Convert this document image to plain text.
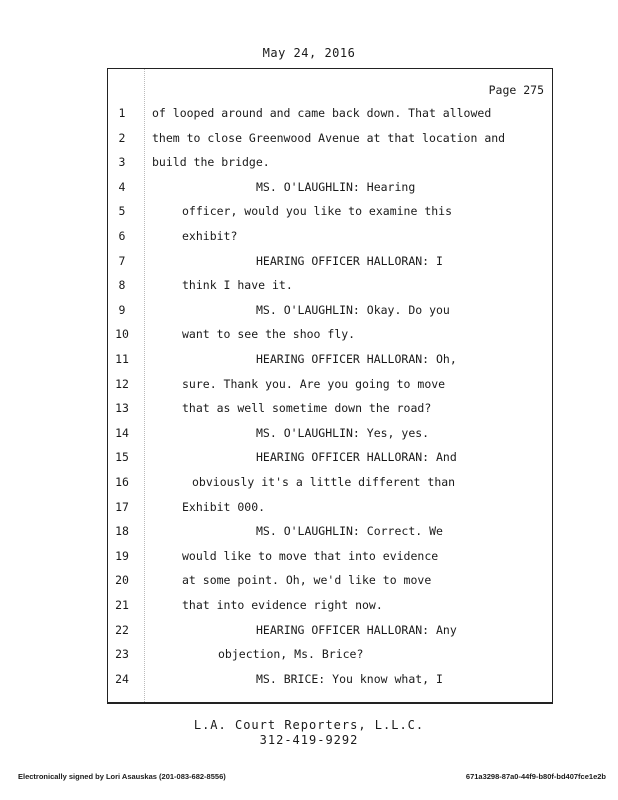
May 24, 2016
Page 275
1	of looped around and came back down. That allowed
2	them to close Greenwood Avenue at that location and
3	build the bridge.
4	MS. O'LAUGHLIN: Hearing
5	officer, would you like to examine this
6	exhibit?
7	HEARING OFFICER HALLORAN: I
8	think I have it.
9	MS. O'LAUGHLIN: Okay. Do you
10	want to see the shoo fly.
11	HEARING OFFICER HALLORAN: Oh,
12	sure. Thank you. Are you going to move
13	that as well sometime down the road?
14	MS. O'LAUGHLIN: Yes, yes.
15	HEARING OFFICER HALLORAN: And
16	obviously it's a little different than
17	Exhibit 000.
18	MS. O'LAUGHLIN: Correct. We
19	would like to move that into evidence
20	at some point. Oh, we'd like to move
21	that into evidence right now.
22	HEARING OFFICER HALLORAN: Any
23	objection, Ms. Brice?
24	MS. BRICE: You know what, I
L.A. Court Reporters, L.L.C.
312-419-9292
Electronically signed by Lori Asauskas (201-083-682-8556)	671a3298-87a0-44f9-b80f-bd407fce1e2b
